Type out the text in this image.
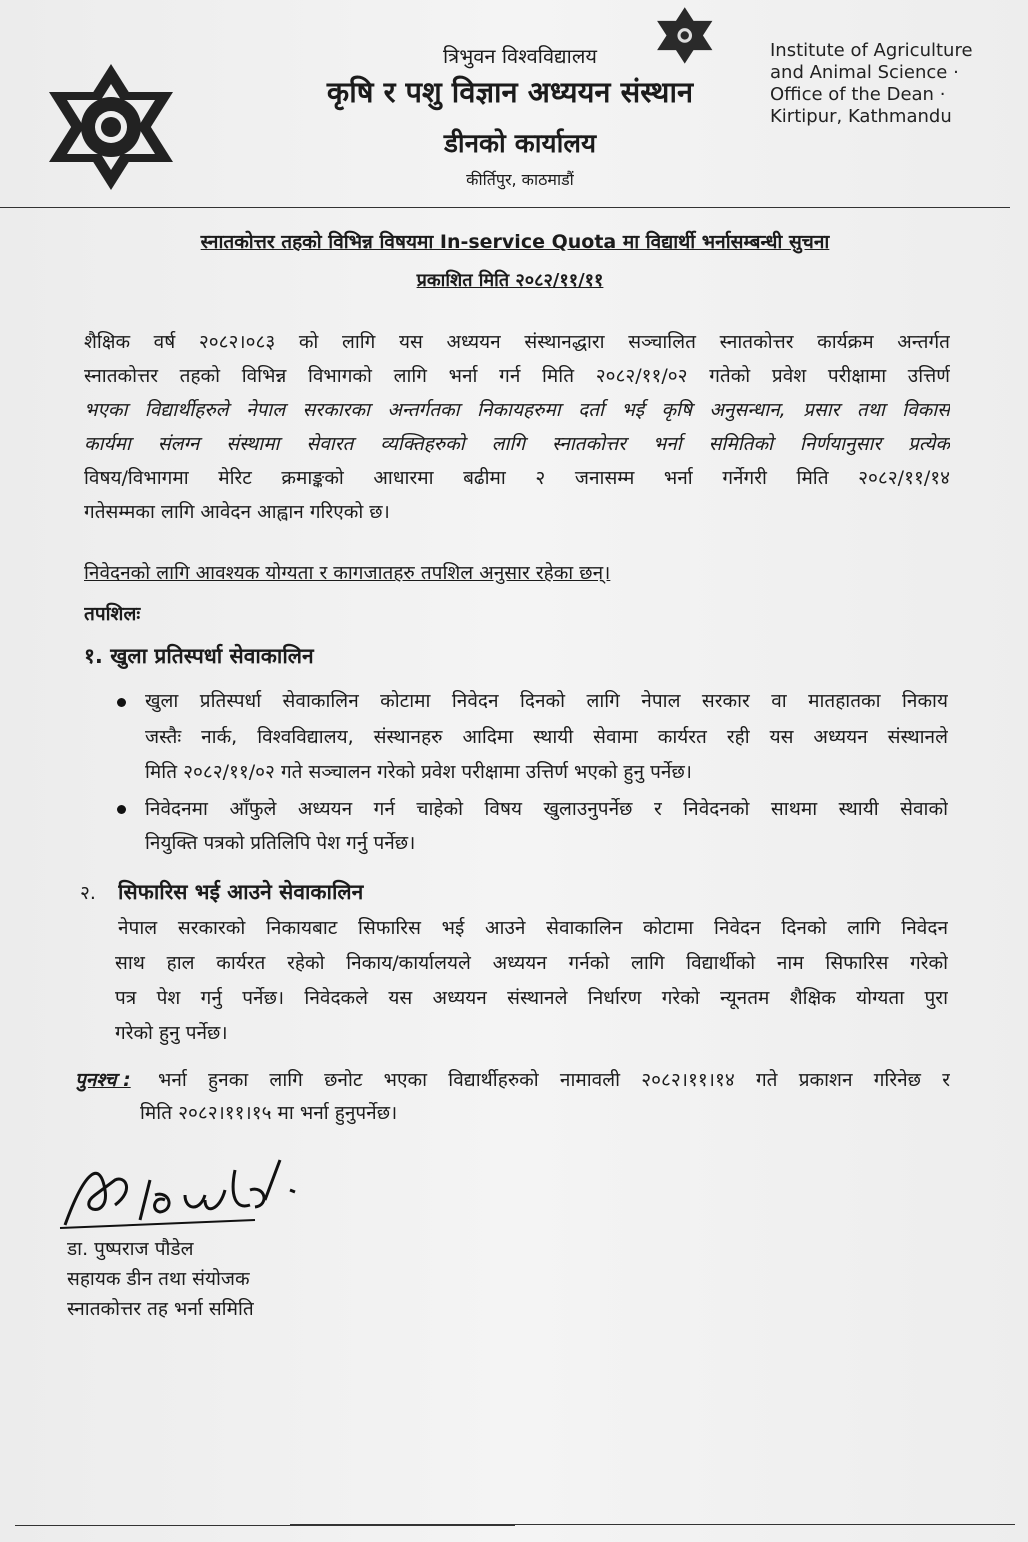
त्रिभुवन विश्वविद्यालय
कृषि र पशु विज्ञान अध्ययन संस्थान
डीनको कार्यालय
कीर्तिपुर, काठमाडौं
Institute of Agriculture and Animal Science · Office of the Dean · Kirtipur, Kathmandu
स्नातकोत्तर तहको विभिन्न विषयमा In-service Quota मा विद्यार्थी भर्नासम्बन्धी सुचना
प्रकाशित मिति २०८२/११/११
शैक्षिक वर्ष २०८२।०८३ को लागि यस अध्ययन संस्थानद्धारा सञ्चालित स्नातकोत्तर कार्यक्रम अन्तर्गत
स्नातकोत्तर तहको विभिन्न विभागको लागि भर्ना गर्न मिति २०८२/११/०२ गतेको प्रवेश परीक्षामा उत्तिर्ण
भएका विद्यार्थीहरुले नेपाल सरकारका अन्तर्गतका निकायहरुमा दर्ता भई कृषि अनुसन्धान, प्रसार तथा विकास
कार्यमा संलग्न संस्थामा सेवारत व्यक्तिहरुको लागि स्नातकोत्तर भर्ना समितिको निर्णयानुसार प्रत्येक
विषय/विभागमा मेरिट क्रमाङ्कको आधारमा बढीमा २ जनासम्म भर्ना गर्नेगरी मिति २०८२/११/१४
गतेसम्मका लागि आवेदन आह्वान गरिएको छ।
निवेदनको लागि आवश्यक योग्यता र कागजातहरु तपशिल अनुसार रहेका छन्।
तपशिलः
१. खुला प्रतिस्पर्धा सेवाकालिन
खुला प्रतिस्पर्धा सेवाकालिन कोटामा निवेदन दिनको लागि नेपाल सरकार वा मातहातका निकाय
जस्तैः नार्क, विश्वविद्यालय, संस्थानहरु आदिमा स्थायी सेवामा कार्यरत रही यस अध्ययन संस्थानले
मिति २०८२/११/०२ गते सञ्चालन गरेको प्रवेश परीक्षामा उत्तिर्ण भएको हुनु पर्नेछ।
निवेदनमा आँफुले अध्ययन गर्न चाहेको विषय खुलाउनुपर्नेछ र निवेदनको साथमा स्थायी सेवाको
नियुक्ति पत्रको प्रतिलिपि पेश गर्नु पर्नेछ।
२.	सिफारिस भई आउने सेवाकालिन
नेपाल सरकारको निकायबाट सिफारिस भई आउने सेवाकालिन कोटामा निवेदन दिनको लागि निवेदन
साथ हाल कार्यरत रहेको निकाय/कार्यालयले अध्ययन गर्नको लागि विद्यार्थीको नाम सिफारिस गरेको
पत्र पेश गर्नु पर्नेछ। निवेदकले यस अध्ययन संस्थानले निर्धारण गरेको न्यूनतम शैक्षिक योग्यता पुरा
गरेको हुनु पर्नेछ।
पुनश्च :	भर्ना हुनका लागि छनोट भएका विद्यार्थीहरुको नामावली २०८२।११।१४ गते प्रकाशन गरिनेछ र
मिति २०८२।११।१५ मा भर्ना हुनुपर्नेछ।
डा. पुष्पराज पौडेल
सहायक डीन तथा संयोजक
स्नातकोत्तर तह भर्ना समिति
